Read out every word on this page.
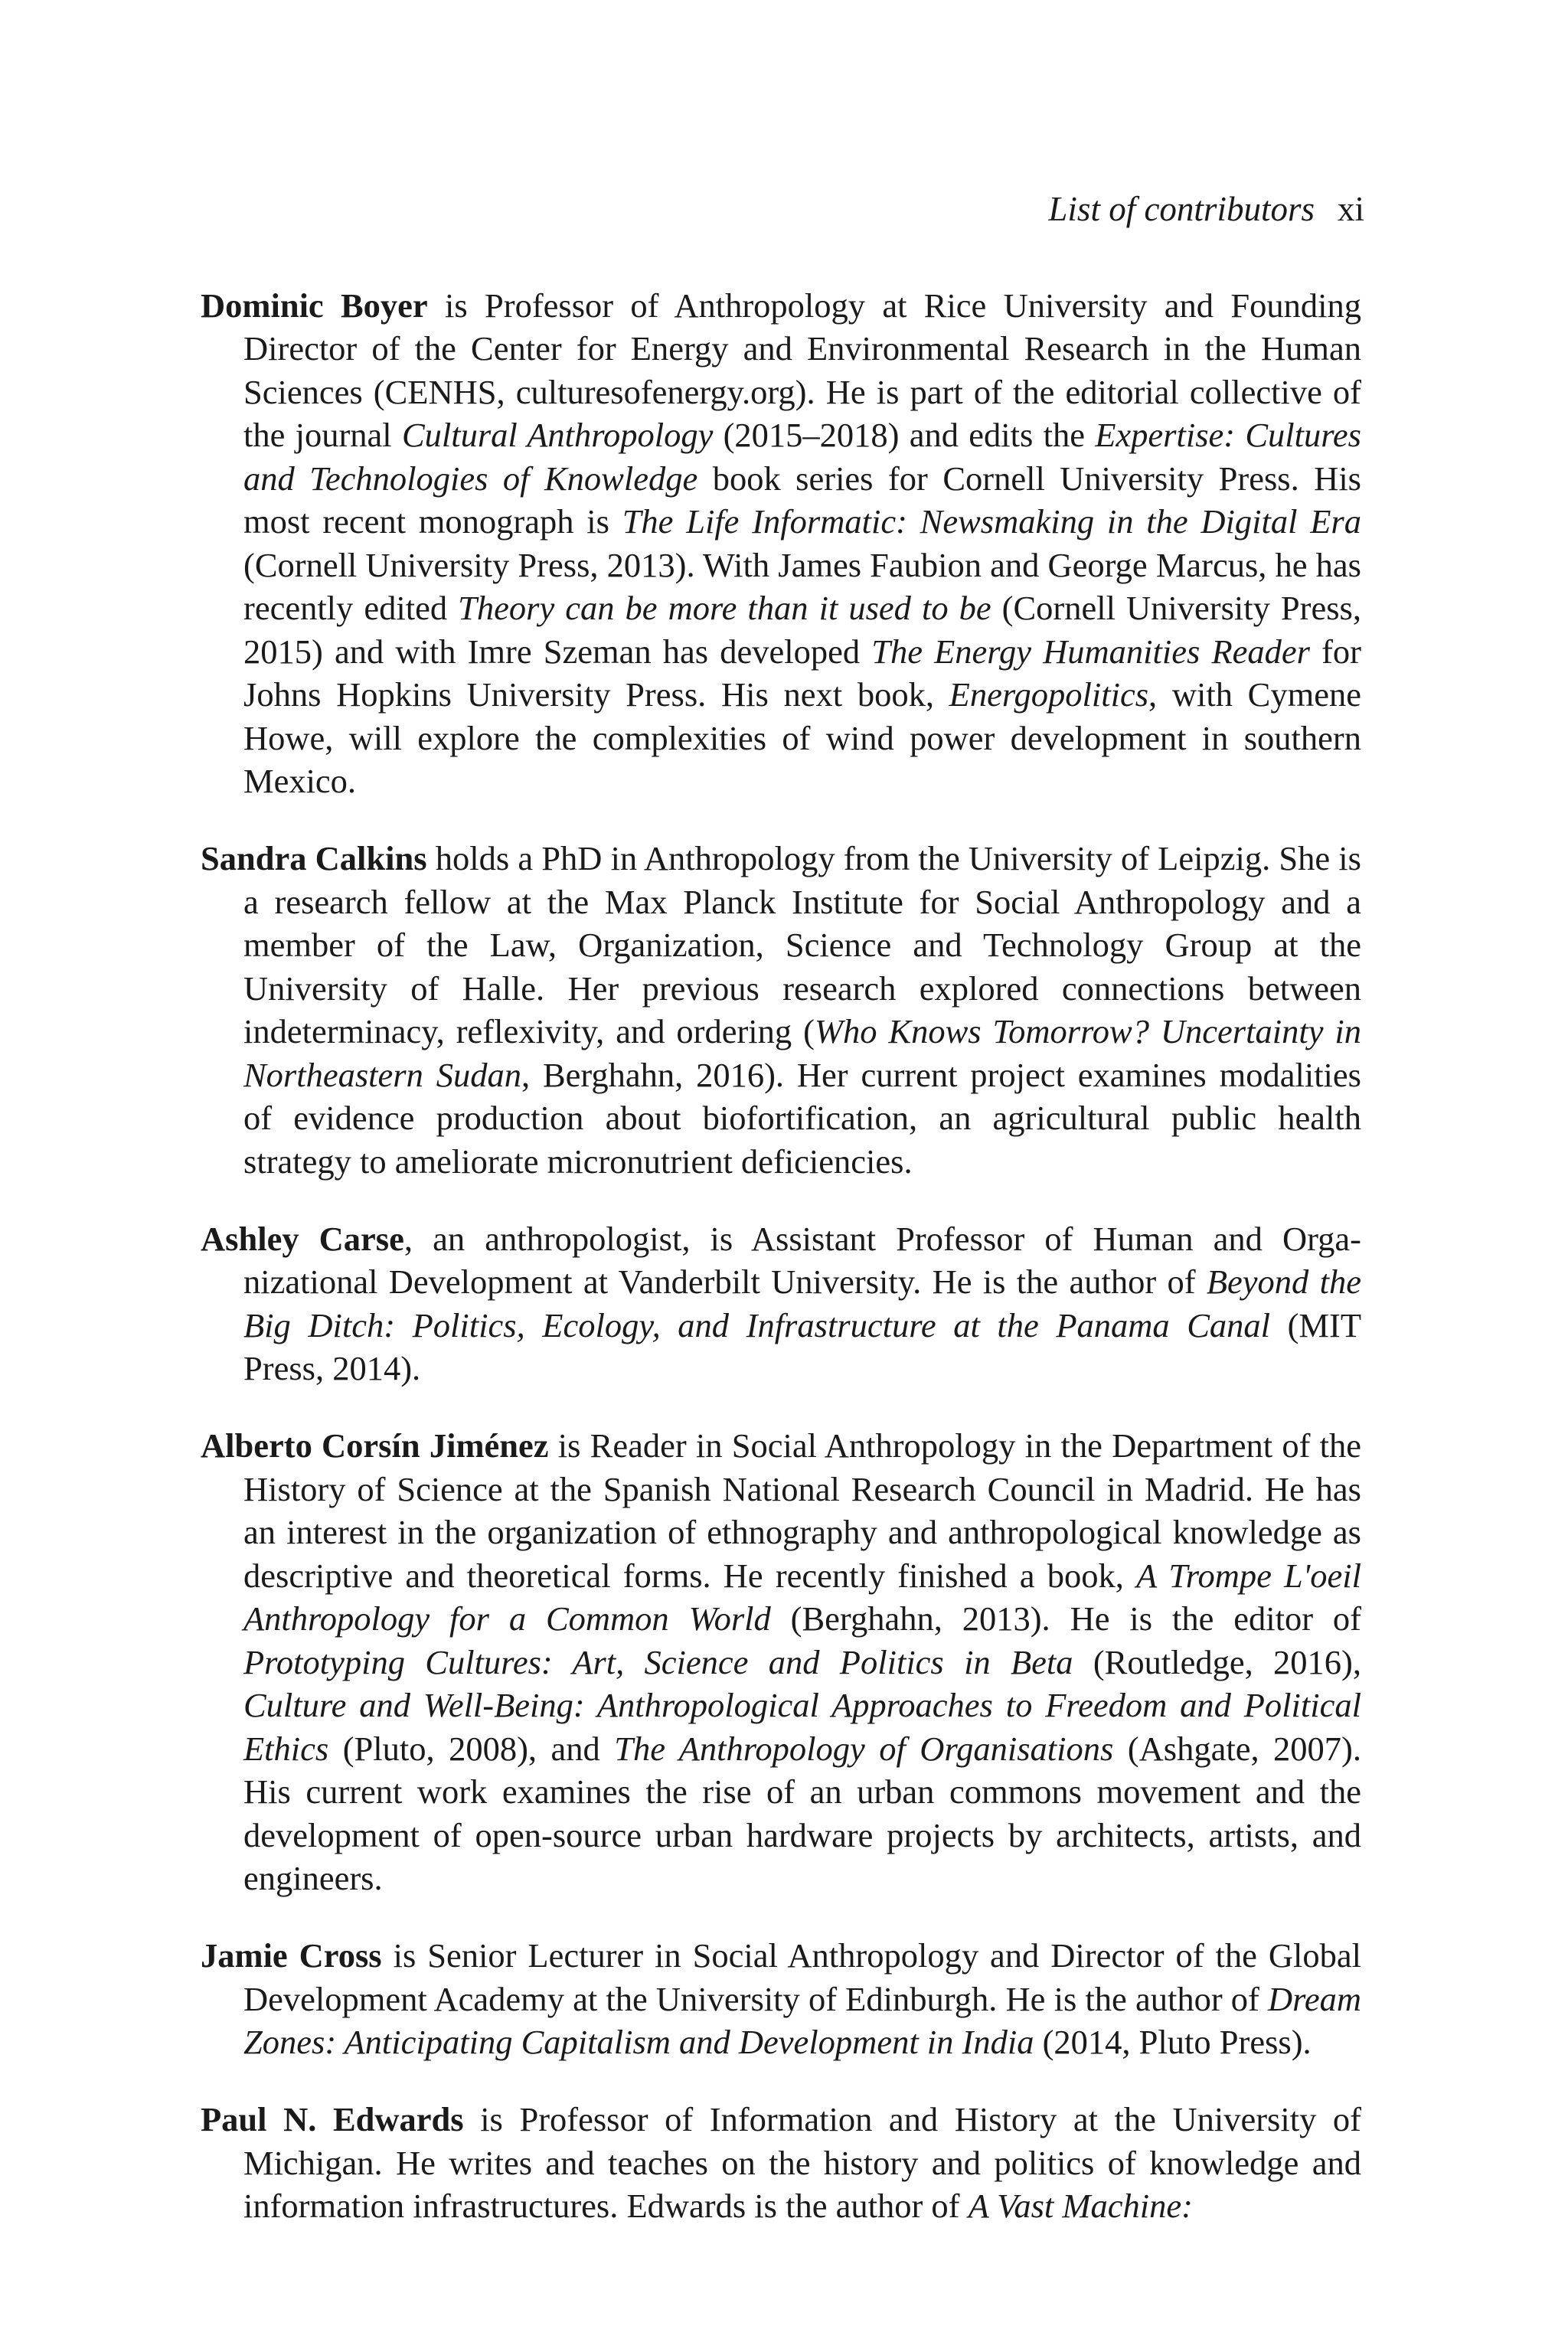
List of contributors xi

Dominic Boyer is Professor of Anthropology at Rice University and Founding Director of the Center for Energy and Environmental Research in the Human Sciences (CENHS, culturesofenergy.org). He is part of the editorial collective of the journal Cultural Anthropology (2015–2018) and edits the Expertise: Cultures and Technologies of Knowledge book series for Cornell University Press. His most recent monograph is The Life Informatic: Newsmaking in the Digital Era (Cornell University Press, 2013). With James Faubion and George Marcus, he has recently edited Theory can be more than it used to be (Cornell University Press, 2015) and with Imre Szeman has developed The Energy Humanities Reader for Johns Hopkins University Press. His next book, Energopolitics, with Cymene Howe, will explore the complexities of wind power development in southern Mexico.

Sandra Calkins holds a PhD in Anthropology from the University of Leipzig. She is a research fellow at the Max Planck Institute for Social Anthropology and a member of the Law, Organization, Science and Technology Group at the University of Halle. Her previous research explored connections between indeterminacy, reflexivity, and ordering (Who Knows Tomorrow? Uncertainty in Northeastern Sudan, Berghahn, 2016). Her current project examines modalities of evidence production about biofortification, an agricultural public health strategy to ameliorate micronutrient deficiencies.

Ashley Carse, an anthropologist, is Assistant Professor of Human and Organizational Development at Vanderbilt University. He is the author of Beyond the Big Ditch: Politics, Ecology, and Infrastructure at the Panama Canal (MIT Press, 2014).

Alberto Corsín Jiménez is Reader in Social Anthropology in the Department of the History of Science at the Spanish National Research Council in Madrid. He has an interest in the organization of ethnography and anthropological knowledge as descriptive and theoretical forms. He recently finished a book, A Trompe L'oeil Anthropology for a Common World (Berghahn, 2013). He is the editor of Prototyping Cultures: Art, Science and Politics in Beta (Routledge, 2016), Culture and Well-Being: Anthropological Approaches to Freedom and Political Ethics (Pluto, 2008), and The Anthropology of Organisations (Ashgate, 2007). His current work examines the rise of an urban commons movement and the development of open-source urban hardware projects by architects, artists, and engineers.

Jamie Cross is Senior Lecturer in Social Anthropology and Director of the Global Development Academy at the University of Edinburgh. He is the author of Dream Zones: Anticipating Capitalism and Development in India (2014, Pluto Press).

Paul N. Edwards is Professor of Information and History at the University of Michigan. He writes and teaches on the history and politics of knowledge and information infrastructures. Edwards is the author of A Vast Machine:
